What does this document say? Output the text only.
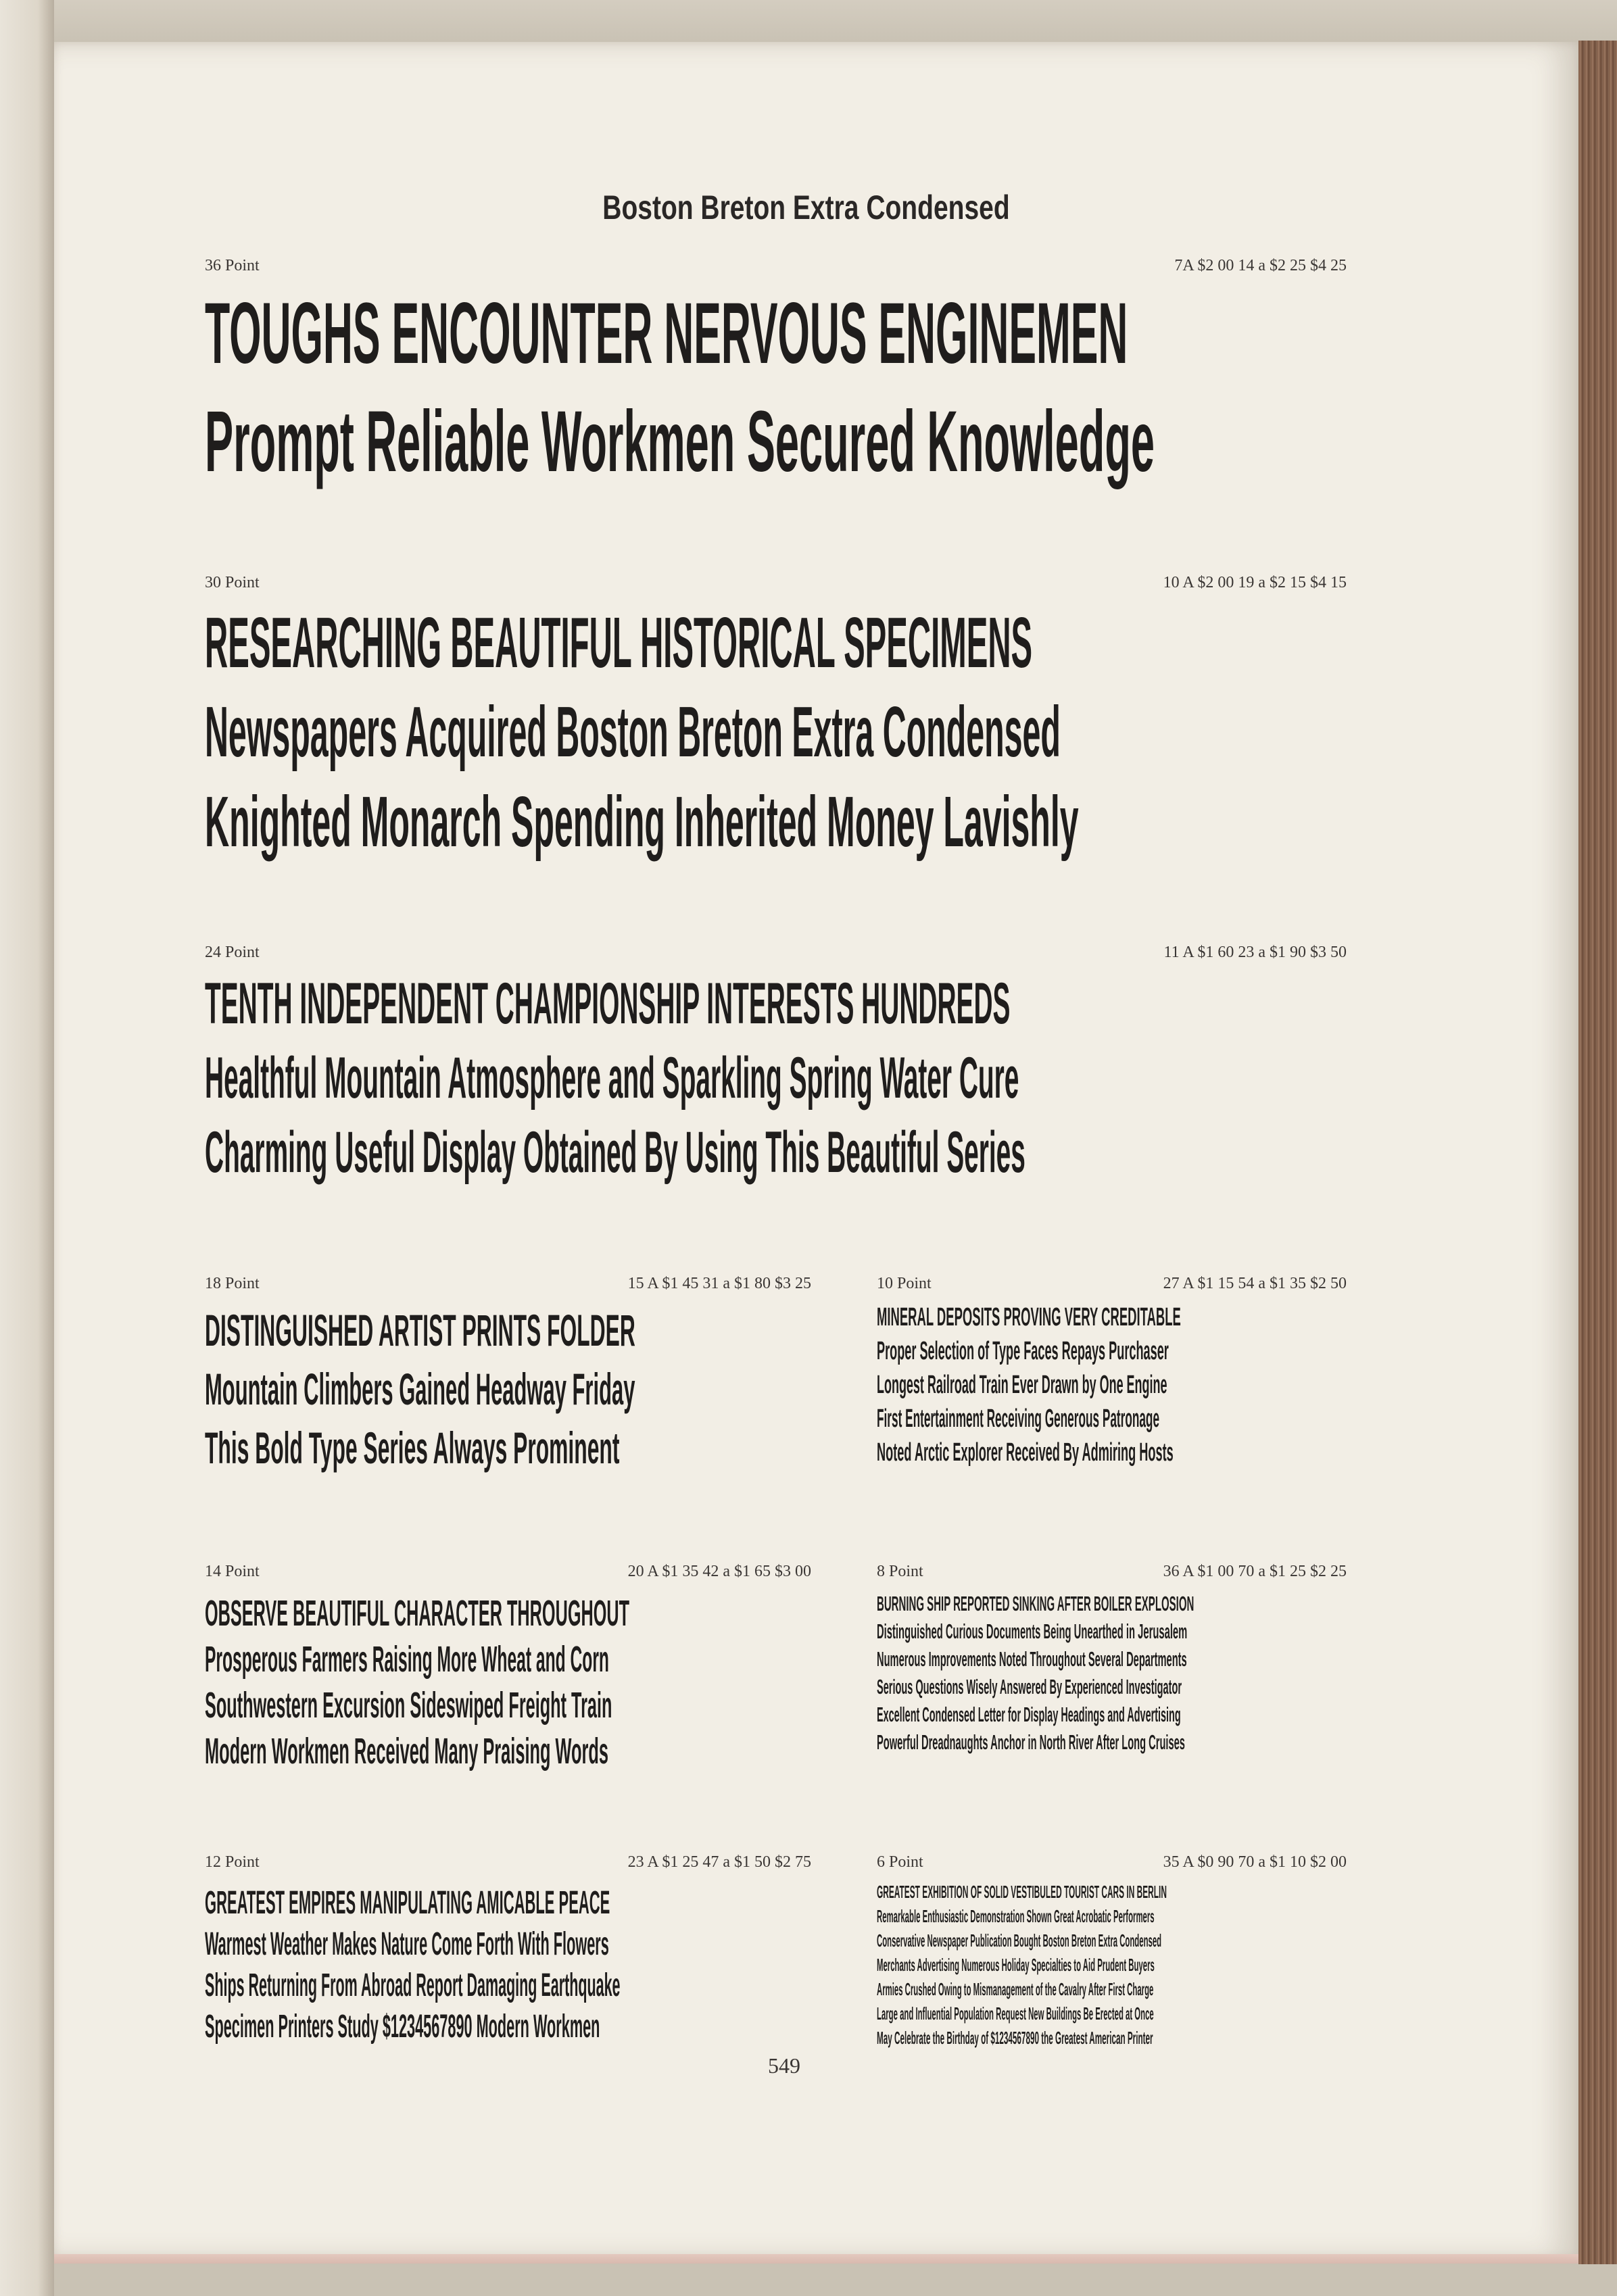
Boston Breton Extra Condensed
36 Point	7A $2 00 14 a $2 25 $4 25
TOUGHS ENCOUNTER NERVOUS ENGINEMEN
Prompt Reliable Workmen Secured Knowledge
30 Point	10 A $2 00 19 a $2 15 $4 15
RESEARCHING BEAUTIFUL HISTORICAL SPECIMENS
Newspapers Acquired Boston Breton Extra Condensed
Knighted Monarch Spending Inherited Money Lavishly
24 Point	11 A $1 60 23 a $1 90 $3 50
TENTH INDEPENDENT CHAMPIONSHIP INTERESTS HUNDREDS
Healthful Mountain Atmosphere and Sparkling Spring Water Cure
Charming Useful Display Obtained By Using This Beautiful Series
18 Point	15 A $1 45 31 a $1 80 $3 25
DISTINGUISHED ARTIST PRINTS FOLDER
Mountain Climbers Gained Headway Friday
This Bold Type Series Always Prominent
10 Point	27 A $1 15 54 a $1 35 $2 50
MINERAL DEPOSITS PROVING VERY CREDITABLE
Proper Selection of Type Faces Repays Purchaser
Longest Railroad Train Ever Drawn by One Engine
First Entertainment Receiving Generous Patronage
Noted Arctic Explorer Received By Admiring Hosts
14 Point	20 A $1 35 42 a $1 65 $3 00
OBSERVE BEAUTIFUL CHARACTER THROUGHOUT
Prosperous Farmers Raising More Wheat and Corn
Southwestern Excursion Sideswiped Freight Train
Modern Workmen Received Many Praising Words
8 Point	36 A $1 00 70 a $1 25 $2 25
BURNING SHIP REPORTED SINKING AFTER BOILER EXPLOSION
Distinguished Curious Documents Being Unearthed in Jerusalem
Numerous Improvements Noted Throughout Several Departments
Serious Questions Wisely Answered By Experienced Investigator
Excellent Condensed Letter for Display Headings and Advertising
Powerful Dreadnaughts Anchor in North River After Long Cruises
12 Point	23 A $1 25 47 a $1 50 $2 75
GREATEST EMPIRES MANIPULATING AMICABLE PEACE
Warmest Weather Makes Nature Come Forth With Flowers
Ships Returning From Abroad Report Damaging Earthquake
Specimen Printers Study $1234567890 Modern Workmen
6 Point	35 A $0 90 70 a $1 10 $2 00
GREATEST EXHIBITION OF SOLID VESTIBULED TOURIST CARS IN BERLIN
Remarkable Enthusiastic Demonstration Shown Great Acrobatic Performers
Conservative Newspaper Publication Bought Boston Breton Extra Condensed
Merchants Advertising Numerous Holiday Specialties to Aid Prudent Buyers
Armies Crushed Owing to Mismanagement of the Cavalry After First Charge
Large and Influential Population Request New Buildings Be Erected at Once
May Celebrate the Birthday of $1234567890 the Greatest American Printer
549
